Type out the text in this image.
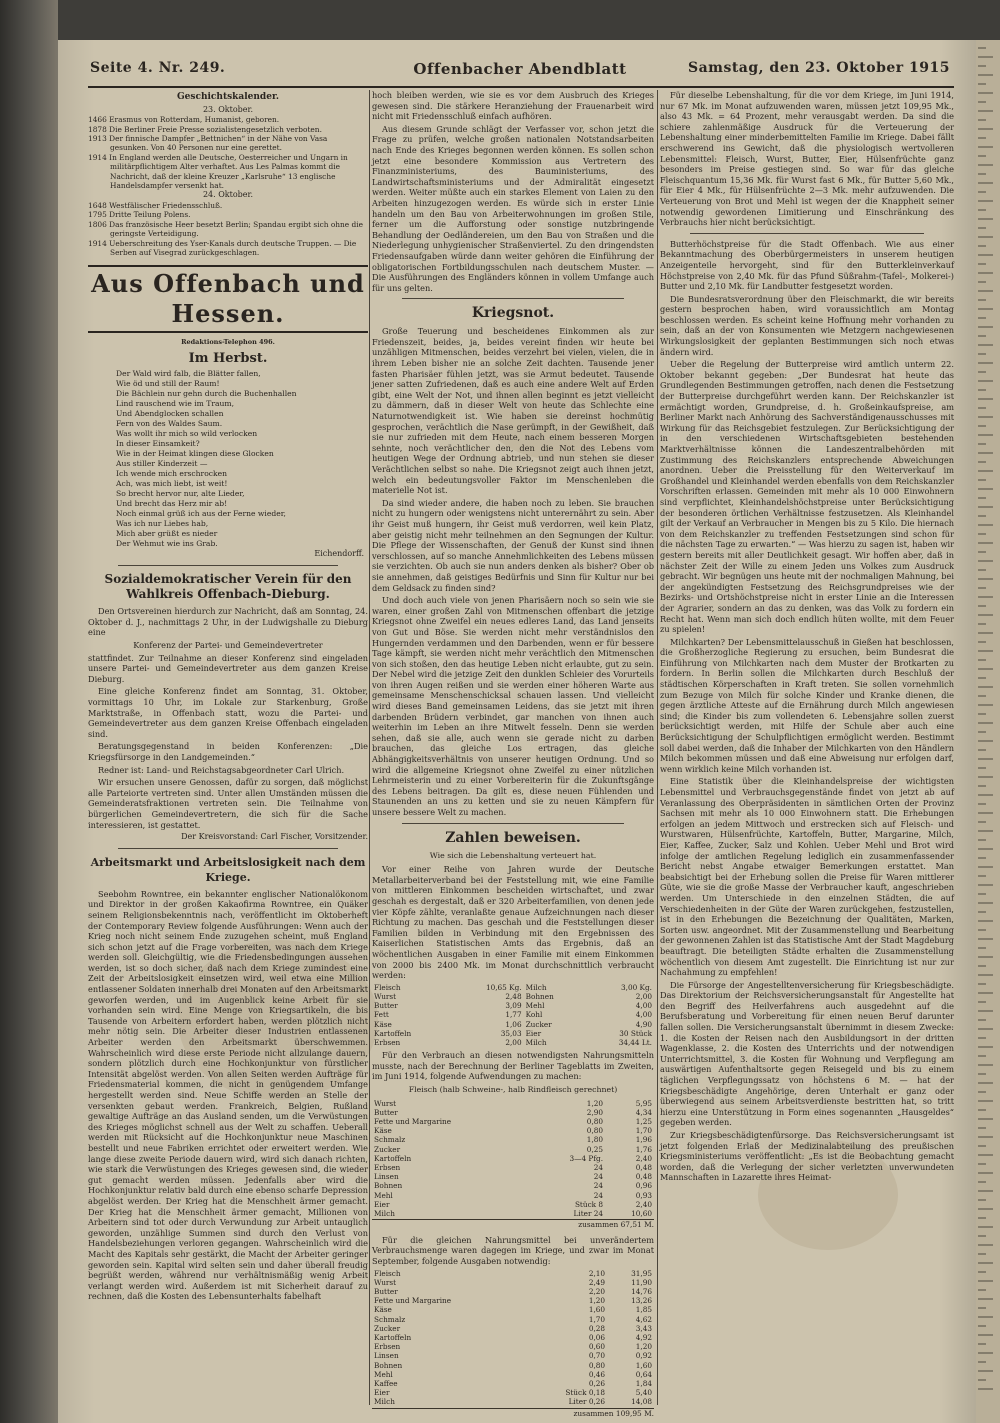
Seite 4. Nr. 249.	Offenbacher Abendblatt	Samstag, den 23. Oktober 1915
Geschichtskalender.
23. Oktober.

1466 Erasmus von Rotterdam, Humanist, geboren.

1878 Die Berliner Freie Presse sozialistengesetzlich verboten.

1913 Der finnische Dampfer „Bettnichen“ in der Nähe von Vasa gesunken. Von 40 Personen nur eine gerettet.

1914 In England werden alle Deutsche, Oesterreicher und Ungarn in militärpflichtigem Alter verhaftet. Aus Les Palmas kommt die Nachricht, daß der kleine Kreuzer „Karlsruhe“ 13 englische Handelsdampfer versenkt hat.

24. Oktober.

1648 Westfälischer Friedensschluß.

1795 Dritte Teilung Polens.

1806 Das französische Heer besetzt Berlin; Spandau ergibt sich ohne die geringste Verteidigung.

1914 Ueberschreitung des Yser-Kanals durch deutsche Truppen. — Die Serben auf Visegrad zurückgeschlagen.

Aus Offenbach und Hessen.
Redaktions-Telephon 496.
Im Herbst.

Der Wald wird falb, die Blätter fallen,

Wie öd und still der Raum!

Die Bächlein nur gehn durch die Buchenhallen

Lind rauschend wie im Traum,

Und Abendglocken schallen

Fern von des Waldes Saum.

Was wollt ihr mich so wild verlocken

In dieser Einsamkeit?

Wie in der Heimat klingen diese Glocken

Aus stiller Kinderzeit —

Ich wende mich erschrocken

Ach, was mich liebt, ist weit!

So brecht hervor nur, alte Lieder,

Und brecht das Herz mir ab!

Noch einmal grüß ich aus der Ferne wieder,

Was ich nur Liebes hab,

Mich aber grüßt es nieder

Der Wehmut wie ins Grab.

Eichendorff.
Sozialdemokratischer Verein für den Wahlkreis Offenbach-Dieburg.

Den Ortsvereinen hierdurch zur Nachricht, daß am Sonntag, 24. Oktober d. J., nachmittags 2 Uhr, in der Ludwigshalle zu Dieburg eine

Konferenz der Partei- und Gemeindevertreter

stattfindet. Zur Teilnahme an dieser Konferenz sind eingeladen unsere Partei- und Gemeindevertreter aus dem ganzen Kreise Dieburg.

Eine gleiche Konferenz findet am Sonntag, 31. Oktober, vormittags 10 Uhr, im Lokale zur Starkenburg, Große Marktstraße, in Offenbach statt, wozu die Partei- und Gemeindevertreter aus dem ganzen Kreise Offenbach eingeladen sind.

Beratungsgegenstand in beiden Konferenzen: „Die Kriegsfürsorge in den Landgemeinden.“

Redner ist: Land- und Reichstagsabgeordneter Carl Ulrich.

Wir ersuchen unsere Genossen, dafür zu sorgen, daß möglichst alle Parteiorte vertreten sind. Unter allen Umständen müssen die Gemeinderatsfraktionen vertreten sein. Die Teilnahme von bürgerlichen Gemeindevertretern, die sich für die Sache interessieren, ist gestattet.

Der Kreisvorstand: Carl Fischer, Vorsitzender.
Arbeitsmarkt und Arbeitslosigkeit nach dem Kriege.

Seebohm Rowntree, ein bekannter englischer Nationalökonom und Direktor in der großen Kakaofirma Rowntree, ein Quäker seinem Religionsbekenntnis nach, veröffentlicht im Oktoberheft der Contemporary Review folgende Ausführungen: Wenn auch der Krieg noch nicht seinem Ende zuzugehen scheint, muß England sich schon jetzt auf die Frage vorbereiten, was nach dem Kriege werden soll. Gleichgültig, wie die Friedensbedingungen aussehen werden, ist so doch sicher, daß nach dem Kriege zumindest eine Zeit der Arbeitslosigkeit einsetzen wird, weil etwa eine Million entlassener Soldaten innerhalb drei Monaten auf den Arbeitsmarkt geworfen werden, und im Augenblick keine Arbeit für sie vorhanden sein wird. Eine Menge von Kriegsartikeln, die bis Tausende von Arbeitern erfordert haben, werden plötzlich nicht mehr nötig sein. Die Arbeiter dieser Industrien entlassenen Arbeiter werden den Arbeitsmarkt überschwemmen. Wahrscheinlich wird diese erste Periode nicht allzulange dauern, sondern plötzlich durch eine Hochkonjunktur von fürstlicher Intensität abgelöst werden. Von allen Seiten werden Aufträge für Friedensmaterial kommen, die nicht in genügendem Umfange hergestellt werden sind. Neue Schiffe werden an Stelle der versenkten gebaut werden. Frankreich, Belgien, Rußland gewaltige Aufträge an das Ausland senden, um die Verwüstungen des Krieges möglichst schnell aus der Welt zu schaffen. Ueberall werden mit Rücksicht auf die Hochkonjunktur neue Maschinen bestellt und neue Fabriken errichtet oder erweitert werden. Wie lange diese zweite Periode dauern wird, wird sich danach richten, wie stark die Verwüstungen des Krieges gewesen sind, die wieder gut gemacht werden müssen. Jedenfalls aber wird die Hochkonjunktur relativ bald durch eine ebenso scharfe Depression abgelöst werden. Der Krieg hat die Menschheit ärmer gemacht. Der Krieg hat die Menschheit ärmer gemacht, Millionen von Arbeitern sind tot oder durch Verwundung zur Arbeit untauglich geworden, unzählige Summen sind durch den Verlust von Handelsbeziehungen verloren gegangen. Wahrscheinlich wird die Macht des Kapitals sehr gestärkt, die Macht der Arbeiter geringer geworden sein. Kapital wird selten sein und daher überall freudig begrüßt werden, während nur verhältnismäßig wenig Arbeit verlangt werden wird. Außerdem ist mit Sicherheit darauf zu rechnen, daß die Kosten des Lebensunterhalts fabelhaft

hoch bleiben werden, wie sie es vor dem Ausbruch des Krieges gewesen sind. Die stärkere Heranziehung der Frauenarbeit wird nicht mit Friedensschluß einfach aufhören.

Aus diesem Grunde schlägt der Verfasser vor, schon jetzt die Frage zu prüfen, welche großen nationalen Notstandsarbeiten nach Ende des Krieges begonnen werden können. Es sollen schon jetzt eine besondere Kommission aus Vertretern des Finanzministeriums, des Bauministeriums, des Landwirtschaftsministeriums und der Admiralität eingesetzt werden. Weiter müßte auch ein starkes Element von Laien zu den Arbeiten hinzugezogen werden. Es würde sich in erster Linie handeln um den Bau von Arbeiterwohnungen im großen Stile, ferner um die Aufforstung oder sonstige nutzbringende Behandlung der Oedländereien, um den Bau von Straßen und die Niederlegung unhygienischer Straßenviertel. Zu den dringendsten Friedensaufgaben würde dann weiter gehören die Einführung der obligatorischen Fortbildungsschulen nach deutschem Muster. — Die Ausführungen des Engländers können in vollem Umfange auch für uns gelten.

Kriegsnot.

Große Teuerung und bescheidenes Einkommen als zur Friedenszeit, beides, ja, beides vereint finden wir heute bei unzähligen Mitmenschen, beides verzehrt bei vielen, vielen, die in ihrem Leben bisher nie an solche Zeit dachten. Tausende jener fasten Pharisäer fühlen jetzt, was sie Armut bedeutet. Tausende jener satten Zufriedenen, daß es auch eine andere Welt auf Erden gibt, eine Welt der Not, und ihnen allen beginnt es jetzt vielleicht zu dämmern, daß in dieser Welt von heute das Schlechte eine Naturnotwendigkeit ist. Wie haben sie dereinst hochmütig gesprochen, verächtlich die Nase gerümpft, in der Gewißheit, daß sie nur zufrieden mit dem Heute, nach einem besseren Morgen sehnte, noch verächtlicher den, den die Not des Lebens vom heutigen Wege der Ordnung abtrieb, und nun stehen sie dieser Verächtlichen selbst so nahe. Die Kriegsnot zeigt auch ihnen jetzt, welch ein bedeutungsvoller Faktor im Menschenleben die materielle Not ist.

Da sind wieder andere, die haben noch zu leben. Sie brauchen nicht zu hungern oder wenigstens nicht unterernährt zu sein. Aber ihr Geist muß hungern, ihr Geist muß verdorren, weil kein Platz, aber geistig nicht mehr teilnehmen an den Segnungen der Kultur. Die Pflege der Wissenschaften, der Genuß der Kunst sind ihnen verschlossen, auf so manche Annehmlichkeiten des Lebens müssen sie verzichten. Ob auch sie nun anders denken als bisher? Ober ob sie annehmen, daß geistiges Bedürfnis und Sinn für Kultur nur bei dem Geldsack zu finden sind?

Und doch auch viele von jenen Pharisäern noch so sein wie sie waren, einer großen Zahl von Mitmenschen offenbart die jetzige Kriegsnot ohne Zweifel ein neues edleres Land, das Land jenseits von Gut und Böse. Sie werden nicht mehr verständnislos den Hungernden verdammen und den Darbenden, wenn er für bessere Tage kämpft, sie werden nicht mehr verächtlich den Mitmenschen von sich stoßen, den das heutige Leben nicht erlaubte, gut zu sein. Der Nebel wird die jetzige Zeit den dunklen Schleier des Vorurteils von ihren Augen reißen und sie werden einer höheren Warte aus gemeinsame Menschenschicksal schauen lassen. Und vielleicht wird dieses Band gemeinsamen Leidens, das sie jetzt mit ihren darbenden Brüdern verbindet, gar manchen von ihnen auch weiterhin im Leben an ihre Mitwelt fesseln. Denn sie werden sehen, daß sie alle, auch wenn sie gerade nicht zu darben brauchen, das gleiche Los ertragen, das gleiche Abhängigkeitsverhältnis von unserer heutigen Ordnung. Und so wird die allgemeine Kriegsnot ohne Zweifel zu einer nützlichen Lehrmeisterin und zu einer Vorbereiterin für die Zukunftsgänge des Lebens beitragen. Da gilt es, diese neuen Fühlenden und Staunenden an uns zu ketten und sie zu neuen Kämpfern für unsere bessere Welt zu machen.

Zahlen beweisen.
Wie sich die Lebenshaltung verteuert hat.

Vor einer Reihe von Jahren wurde der Deutsche Metallarbeiterverband bei der Feststellung mit, wie eine Familie von mittleren Einkommen bescheiden wirtschaftet, und zwar geschah es dergestalt, daß er 320 Arbeiterfamilien, von denen jede vier Köpfe zählte, veranlaßte genaue Aufzeichnungen nach dieser Richtung zu machen. Das geschah und die Feststellungen dieser Familien bilden in Verbindung mit den Ergebnissen des Kaiserlichen Statistischen Amts das Ergebnis, daß an wöchentlichen Ausgaben in einer Familie mit einem Einkommen von 2000 bis 2400 Mk. im Monat durchschnittlich verbraucht werden:

Fleisch	10,65 Kg.	Milch	3,00 Kg.
Wurst	2,48	Bohnen	2,00
Butter	3,09	Mehl	4,00
Fett	1,77	Kohl	4,00
Käse	1,06	Zucker	4,90
Kartoffeln	35,03	Eier	30 Stück
Erbsen	2,00	Milch	34,44 Lt.

Für den Verbrauch an diesen notwendigsten Nahrungsmitteln musste, nach der Berechnung der Berliner Tageblatts im Zweiten, im Juni 1914, folgende Aufwendungen zu machen:

Fleisch (halb Schweine-, halb Rindfleisch gerechnet)
Wurst	1,20	5,95
Butter	2,90	4,34
Fette und Margarine	0,80	1,25
Käse	0,80	1,70
Schmalz	1,80	1,96
Zucker	0,25	1,76
Kartoffeln	3—4 Pfg.	2,40
Erbsen	24	0,48
Linsen	24	0,48
Bohnen	24	0,96
Mehl	24	0,93
Eier	Stück 8	2,40
Milch	Liter 24	10,60
zusammen 67,51 M.

Für die gleichen Nahrungsmittel bei unverändertem Verbrauchsmenge waren dagegen im Kriege, und zwar im Monat September, folgende Ausgaben notwendig:

Fleisch	2,10	31,95
Wurst	2,49	11,90
Butter	2,20	14,76
Fette und Margarine	1,20	13,26
Käse	1,60	1,85
Schmalz	1,70	4,62
Zucker	0,28	3,43
Kartoffeln	0,06	4,92
Erbsen	0,60	1,20
Linsen	0,70	0,92
Bohnen	0,80	1,60
Mehl	0,46	0,64
Kaffee	0,26	1,84
Eier	Stück 0,18	5,40
Milch	Liter 0,26	14,08
zusammen 109,95 M.

Für dieselbe Lebenshaltung, für die vor dem Kriege, im Juni 1914, nur 67 Mk. im Monat aufzuwenden waren, müssen jetzt 109,95 Mk., also 43 Mk. = 64 Prozent, mehr verausgabt werden. Da sind die schiere zahlenmäßige Ausdruck für die Verteuerung der Lebenshaltung einer minderbemittelten Familie im Kriege. Dabei fällt erschwerend ins Gewicht, daß die physiologisch wertvolleren Lebensmittel: Fleisch, Wurst, Butter, Eier, Hülsenfrüchte ganz besonders im Preise gestiegen sind. So war für das gleiche Fleischquantum 15,36 Mk. für Wurst fast 6 Mk., für Butter 5,60 Mk., für Eier 4 Mk., für Hülsenfrüchte 2—3 Mk. mehr aufzuwenden. Die Verteuerung von Brot und Mehl ist wegen der die Knappheit seiner notwendig gewordenen Limitierung und Einschränkung des Verbrauchs hier nicht berücksichtigt.

Butterhöchstpreise für die Stadt Offenbach. Wie aus einer Bekanntmachung des Oberbürgermeisters in unserem heutigen Anzeigenteile hervorgeht, sind für den Butterkleinverkauf Höchstpreise von 2,40 Mk. für das Pfund Süßrahm-(Tafel-, Molkerei-) Butter und 2,10 Mk. für Landbutter festgesetzt worden.

Die Bundesratsverordnung über den Fleischmarkt, die wir bereits gestern besprochen haben, wird voraussichtlich am Montag beschlossen werden. Es scheint keine Hoffnung mehr vorhanden zu sein, daß an der von Konsumenten wie Metzgern nachgewiesenen Wirkungslosigkeit der geplanten Bestimmungen sich noch etwas ändern wird.

Ueber die Regelung der Butterpreise wird amtlich unterm 22. Oktober bekannt gegeben: „Der Bundesrat hat heute das Grundlegenden Bestimmungen getroffen, nach denen die Festsetzung der Butterpreise durchgeführt werden kann. Der Reichskanzler ist ermächtigt worden, Grundpreise, d. h. Großeinkaufspreise, am Berliner Markt nach Anhörung des Sachverständigenausschusses mit Wirkung für das Reichsgebiet festzulegen. Zur Berücksichtigung der in den verschiedenen Wirtschaftsgebieten bestehenden Marktverhältnisse können die Landeszentralbehörden mit Zustimmung des Reichskanzlers entsprechende Abweichungen anordnen. Ueber die Preisstellung für den Weiterverkauf im Großhandel und Kleinhandel werden ebenfalls von dem Reichskanzler Vorschriften erlassen. Gemeinden mit mehr als 10 000 Einwohnern sind verpflichtet, Kleinhandelshöchstpreise unter Berücksichtigung der besonderen örtlichen Verhältnisse festzusetzen. Als Kleinhandel gilt der Verkauf an Verbraucher in Mengen bis zu 5 Kilo. Die hiernach von dem Reichskanzler zu treffenden Festsetzungen sind schon für die nächsten Tage zu erwarten.“ — Was hierzu zu sagen ist, haben wir gestern bereits mit aller Deutlichkeit gesagt. Wir hoffen aber, daß in nächster Zeit der Wille zu einem Jeden uns Volkes zum Ausdruck gebracht. Wir begnügen uns heute mit der nochmaligen Mahnung, bei der angekündigten Festsetzung des Reichsgrundpreises wie der Bezirks- und Ortshöchstpreise nicht in erster Linie an die Interessen der Agrarier, sondern an das zu denken, was das Volk zu fordern ein Recht hat. Wenn man sich doch endlich hüten wollte, mit dem Feuer zu spielen!

Milchkarten? Der Lebensmittelausschuß in Gießen hat beschlossen, die Großherzogliche Regierung zu ersuchen, beim Bundesrat die Einführung von Milchkarten nach dem Muster der Brotkarten zu fordern. In Berlin sollen die Milchkarten durch Beschluß der städtischen Körperschaften in Kraft treten. Sie sollen vornehmlich zum Bezuge von Milch für solche Kinder und Kranke dienen, die gegen ärztliche Atteste auf die Ernährung durch Milch angewiesen sind; die Kinder bis zum vollendeten 6. Lebensjahre sollen zuerst berücksichtigt werden, mit Hilfe der Schule aber auch eine Berücksichtigung der Schulpflichtigen ermöglicht werden. Bestimmt soll dabei werden, daß die Inhaber der Milchkarten von den Händlern Milch bekommen müssen und daß eine Abweisung nur erfolgen darf, wenn wirklich keine Milch vorhanden ist.

Eine Statistik über die Kleinhandelspreise der wichtigsten Lebensmittel und Verbrauchsgegenstände findet von jetzt ab auf Veranlassung des Oberpräsidenten in sämtlichen Orten der Provinz Sachsen mit mehr als 10 000 Einwohnern statt. Die Erhebungen erfolgen an jedem Mittwoch und erstrecken sich auf Fleisch- und Wurstwaren, Hülsenfrüchte, Kartoffeln, Butter, Margarine, Milch, Eier, Kaffee, Zucker, Salz und Kohlen. Ueber Mehl und Brot wird infolge der amtlichen Regelung lediglich ein zusammenfassender Bericht nebst Angabe etwaiger Bemerkungen erstattet. Man beabsichtigt bei der Erhebung sollen die Preise für Waren mittlerer Güte, wie sie die große Masse der Verbraucher kauft, angeschrieben werden. Um Unterschiede in den einzelnen Städten, die auf Verschiedenheiten in der Güte der Waren zurückgehen, festzustellen, ist in den Erhebungen die Bezeichnung der Qualitäten, Marken, Sorten usw. angeordnet. Mit der Zusammenstellung und Bearbeitung der gewonnenen Zahlen ist das Statistische Amt der Stadt Magdeburg beauftragt. Die beteiligten Städte erhalten die Zusammenstellung wöchentlich von diesem Amt zugestellt. Die Einrichtung ist nur zur Nachahmung zu empfehlen!

Die Fürsorge der Angestelltenversicherung für Kriegsbeschädigte. Das Direktorium der Reichsversicherungsanstalt für Angestellte hat den Begriff des Heilverfahrens auch ausgedehnt auf die Berufsberatung und Vorbereitung für einen neuen Beruf darunter fallen sollen. Die Versicherungsanstalt übernimmt in diesem Zwecke: 1. die Kosten der Reisen nach den Ausbildungsort in der dritten Wagenklasse, 2. die Kosten des Unterrichts und der notwendigen Unterrichtsmittel, 3. die Kosten für Wohnung und Verpflegung am auswärtigen Aufenthaltsorte gegen Reisegeld und bis zu einem täglichen Verpflegungssatz von höchstens 6 M. — hat der Kriegsbeschädigte Angehörige, deren Unterhalt er ganz oder überwiegend aus seinem Arbeitsverdienste bestritten hat, so tritt hierzu eine Unterstützung in Form eines sogenannten „Hausgeldes“ gegeben werden.

Zur Kriegsbeschädigtenfürsorge. Das Reichsversicherungsamt ist jetzt folgenden Erlaß der Medizinalabteilung des preußischen Kriegsministeriums veröffentlicht: „Es ist die Beobachtung gemacht worden, daß die Verlegung der sicher verletzten unverwundeten Mannschaften in Lazarette ihres Heimat-
